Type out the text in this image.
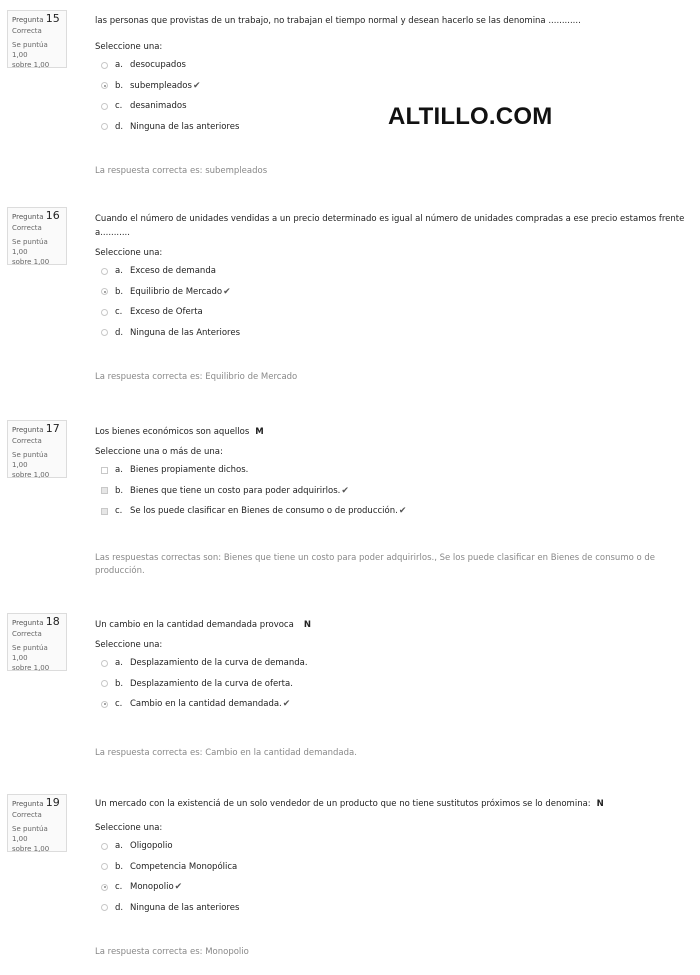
ALTILLO.COM
Pregunta 15
Correcta
Se puntúa 1,00
sobre 1,00
las personas que provistas de un trabajo, no trabajan el tiempo normal y desean hacerlo se las denomina ............
Seleccione una:
a. desocupados
b. subempleados ✔
c. desanimados
d. Ninguna de las anteriores
La respuesta correcta es: subempleados
Pregunta 16
Correcta
Se puntúa 1,00
sobre 1,00
Cuando el número de unidades vendidas a un precio determinado es igual al número de unidades compradas a ese precio estamos frente a...........
Seleccione una:
a. Exceso de demanda
b. Equilibrio de Mercado ✔
c. Exceso de Oferta
d. Ninguna de las Anteriores
La respuesta correcta es: Equilibrio de Mercado
Pregunta 17
Correcta
Se puntúa 1,00
sobre 1,00
Los bienes económicos son aquellos M
Seleccione una o más de una:
a. Bienes propiamente dichos.
b. Bienes que tiene un costo para poder adquirirlos. ✔
c. Se los puede clasificar en Bienes de consumo o de producción. ✔
Las respuestas correctas son: Bienes que tiene un costo para poder adquirirlos., Se los puede clasificar en Bienes de consumo o de producción.
Pregunta 18
Correcta
Se puntúa 1,00
sobre 1,00
Un cambio en la cantidad demandada provoca N
Seleccione una:
a. Desplazamiento de la curva de demanda.
b. Desplazamiento de la curva de oferta.
c. Cambio en la cantidad demandada. ✔
La respuesta correcta es: Cambio en la cantidad demandada.
Pregunta 19
Correcta
Se puntúa 1,00
sobre 1,00
Un mercado con la existenciá de un solo vendedor de un producto que no tiene sustitutos próximos se lo denomina: N
Seleccione una:
a. Oligopolio
b. Competencia Monopólica
c. Monopolio ✔
d. Ninguna de las anteriores
La respuesta correcta es: Monopolio
